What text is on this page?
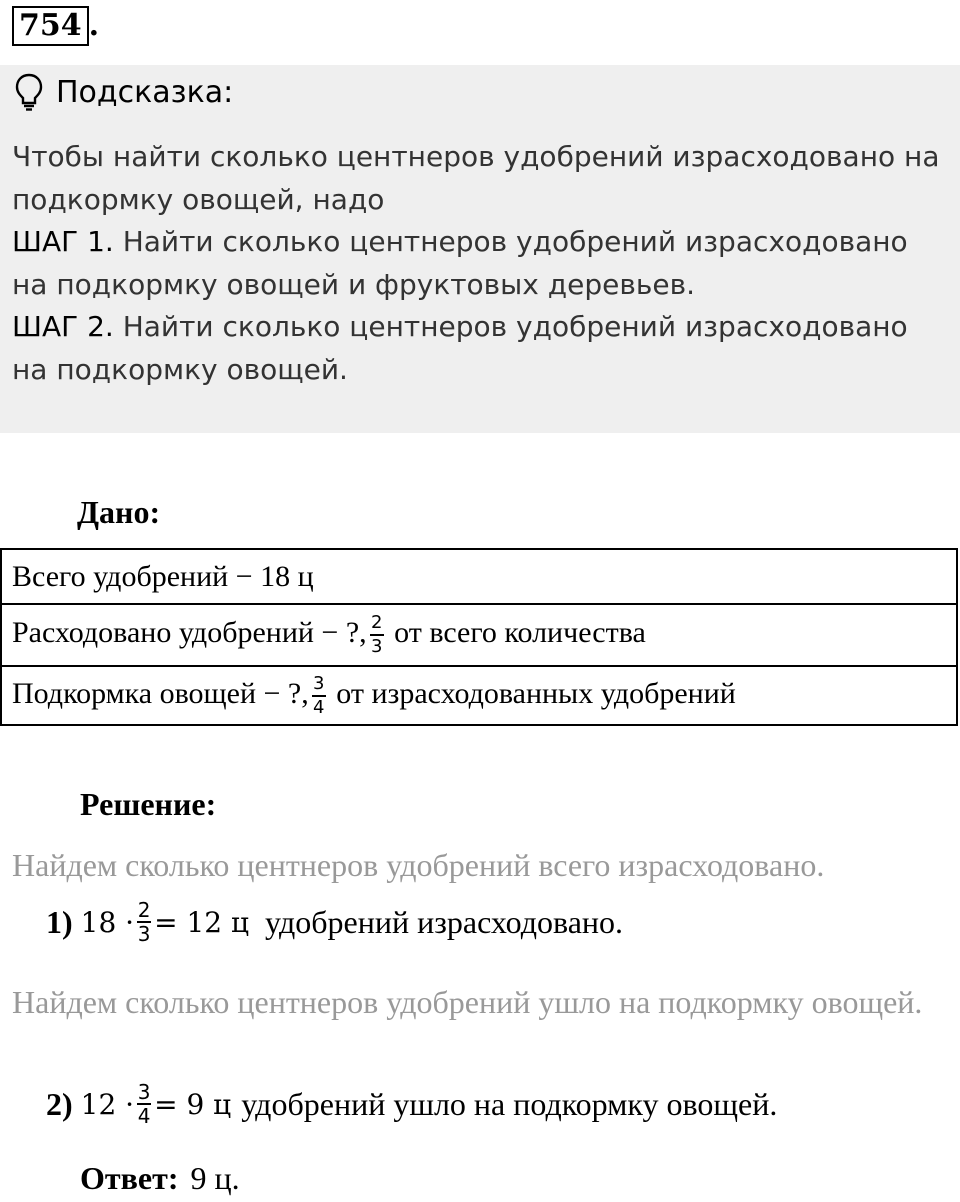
754 .
Подсказка:

Чтобы найти сколько центнеров удобрений израсходовано на подкормку овощей, надо

ШАГ 1. Найти сколько центнеров удобрений израсходовано на подкормку овощей и фруктовых деревьев.

ШАГ 2. Найти сколько центнеров удобрений израсходовано на подкормку овощей.

Дано:
Всего удобрений − 18 ц
Расходовано удобрений − ?, $\frac{2}{3}$ от всего количества
Подкормка овощей − ?, $\frac{3}{4}$ от израсходованных удобрений
Решение:
Найдем сколько центнеров удобрений всего израсходовано.
1) $18 \cdot \frac{2}{3} = 12$ ц удобрений израсходовано.
Найдем сколько центнеров удобрений ушло на подкормку овощей.
2) $12 \cdot \frac{3}{4} = 9$ ц удобрений ушло на подкормку овощей.
Ответ: 9 ц.
